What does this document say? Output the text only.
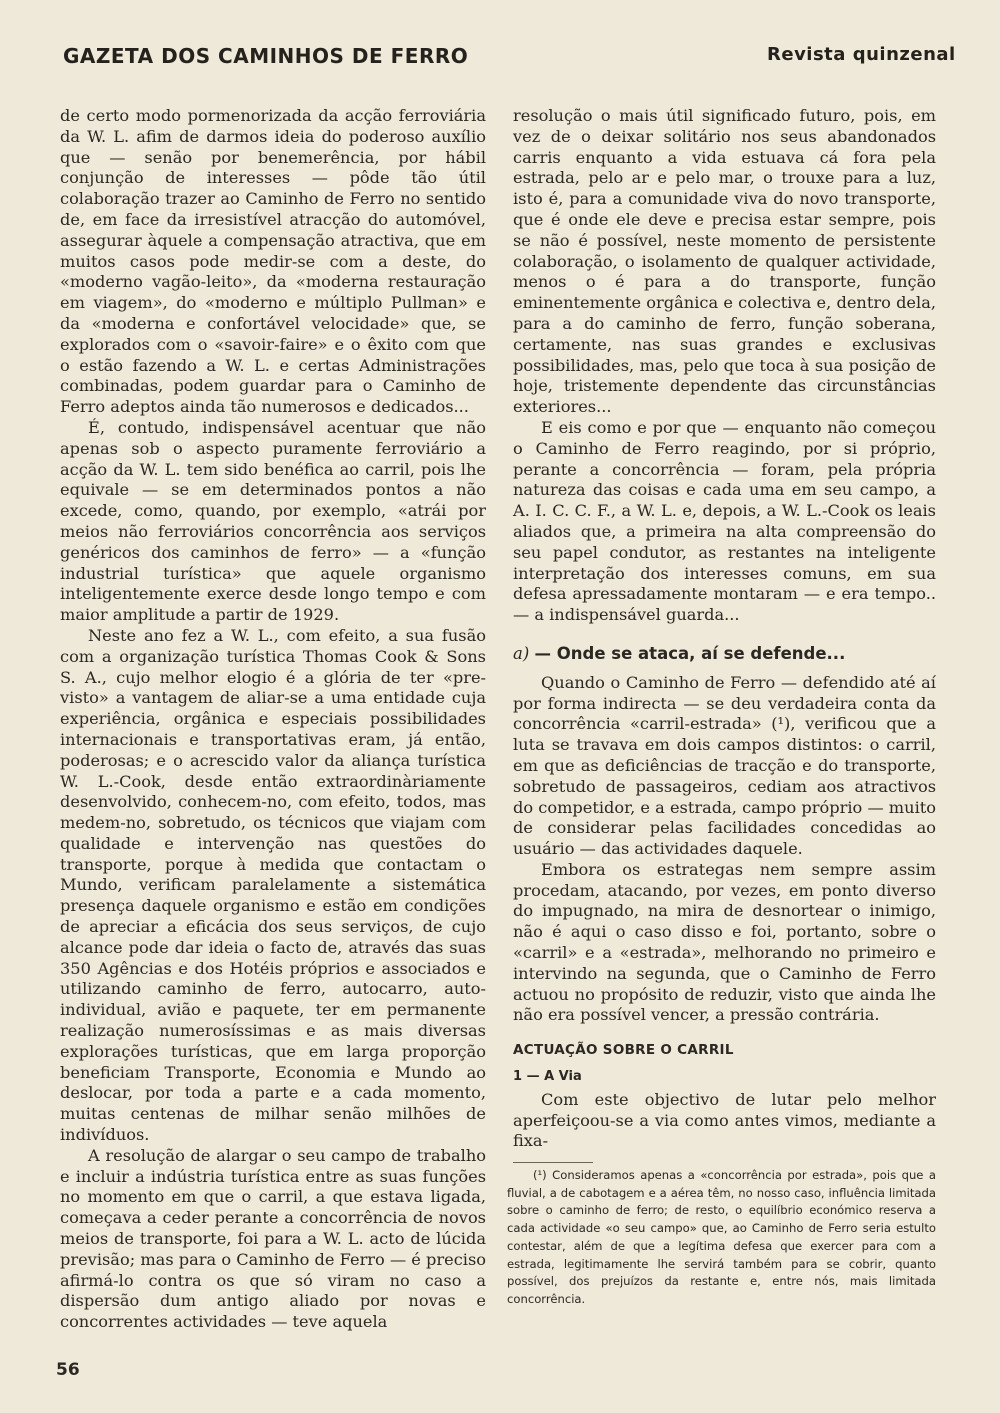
GAZETA DOS CAMINHOS DE FERRO	Revista quinzenal

de certo modo pormenorizada da acção ferroviária da W. L. afim de darmos ideia do poderoso auxílio que — senão por benemerência, por hábil conjunção de interesses — pôde tão útil colaboração trazer ao Caminho de Ferro no sentido de, em face da irresistível atracção do automóvel, assegurar àquele a compensação atractiva, que em muitos casos pode medir-se com a deste, do «moderno vagão-leito», da «moderna restauração em viagem», do «moderno e múltiplo Pullman» e da «moderna e confortável velocidade» que, se explorados com o «savoir-faire» e o êxito com que o estão fazendo a W. L. e certas Administrações combinadas, podem guardar para o Caminho de Ferro adeptos ainda tão numerosos e dedicados...

É, contudo, indispensável acentuar que não apenas sob o aspecto puramente ferroviário a acção da W. L. tem sido benéfica ao carril, pois lhe equivale — se em determinados pontos a não excede, como, quando, por exemplo, «atrái por meios não ferroviários concorrência aos serviços genéricos dos caminhos de ferro» — a «função industrial turística» que aquele organismo inteligentemente exerce desde longo tempo e com maior amplitude a partir de 1929.

Neste ano fez a W. L., com efeito, a sua fusão com a organização turística Thomas Cook & Sons S. A., cujo melhor elogio é a glória de ter «pre-visto» a vantagem de aliar-se a uma entidade cuja experiência, orgânica e especiais possibilidades internacionais e transportativas eram, já então, poderosas; e o acrescido valor da aliança turística W. L.-Cook, desde então extraordinàriamente desenvolvido, conhecem-no, com efeito, todos, mas medem-no, sobretudo, os técnicos que viajam com qualidade e intervenção nas questões do transporte, porque à medida que contactam o Mundo, verificam paralelamente a sistemática presença daquele organismo e estão em condições de apreciar a eficácia dos seus serviços, de cujo alcance pode dar ideia o facto de, através das suas 350 Agências e dos Hotéis próprios e associados e utilizando caminho de ferro, autocarro, auto-individual, avião e paquete, ter em permanente realização numerosíssimas e as mais diversas explorações turísticas, que em larga proporção beneficiam Transporte, Economia e Mundo ao deslocar, por toda a parte e a cada momento, muitas centenas de milhar senão milhões de indivíduos.

A resolução de alargar o seu campo de trabalho e incluir a indústria turística entre as suas funções no momento em que o carril, a que estava ligada, começava a ceder perante a concorrência de novos meios de transporte, foi para a W. L. acto de lúcida previsão; mas para o Caminho de Ferro — é preciso afirmá-lo contra os que só viram no caso a dispersão dum antigo aliado por novas e concorrentes actividades — teve aquela

resolução o mais útil significado futuro, pois, em vez de o deixar solitário nos seus abandonados carris enquanto a vida estuava cá fora pela estrada, pelo ar e pelo mar, o trouxe para a luz, isto é, para a comunidade viva do novo transporte, que é onde ele deve e precisa estar sempre, pois se não é possível, neste momento de persistente colaboração, o isolamento de qualquer actividade, menos o é para a do transporte, função eminentemente orgânica e colectiva e, dentro dela, para a do caminho de ferro, função soberana, certamente, nas suas grandes e exclusivas possibilidades, mas, pelo que toca à sua posição de hoje, tristemente dependente das circunstâncias exteriores...

E eis como e por que — enquanto não começou o Caminho de Ferro reagindo, por si próprio, perante a concorrência — foram, pela própria natureza das coisas e cada uma em seu campo, a A. I. C. C. F., a W. L. e, depois, a W. L.-Cook os leais aliados que, a primeira na alta compreensão do seu papel condutor, as restantes na inteligente interpretação dos interesses comuns, em sua defesa apressadamente montaram — e era tempo.. — a indispensável guarda...

a) — Onde se ataca, aí se defende...

Quando o Caminho de Ferro — defendido até aí por forma indirecta — se deu verdadeira conta da concorrência «carril-estrada» (¹), verificou que a luta se travava em dois campos distintos: o carril, em que as deficiências de tracção e do transporte, sobretudo de passageiros, cediam aos atractivos do competidor, e a estrada, campo próprio — muito de considerar pelas facilidades concedidas ao usuário — das actividades daquele.

Embora os estrategas nem sempre assim procedam, atacando, por vezes, em ponto diverso do impugnado, na mira de desnortear o inimigo, não é aqui o caso disso e foi, portanto, sobre o «carril» e a «estrada», melhorando no primeiro e intervindo na segunda, que o Caminho de Ferro actuou no propósito de reduzir, visto que ainda lhe não era possível vencer, a pressão contrária.

ACTUAÇÃO SOBRE O CARRIL
1 — A Via

Com este objectivo de lutar pelo melhor aperfeiçoou-se a via como antes vimos, mediante a fixa-

(¹) Consideramos apenas a «concorrência por estrada», pois que a fluvial, a de cabotagem e a aérea têm, no nosso caso, influência limitada sobre o caminho de ferro; de resto, o equilíbrio económico reserva a cada actividade «o seu campo» que, ao Caminho de Ferro seria estulto contestar, além de que a legítima defesa que exercer para com a estrada, legitimamente lhe servirá também para se cobrir, quanto possível, dos prejuízos da restante e, entre nós, mais limitada concorrência.

56
